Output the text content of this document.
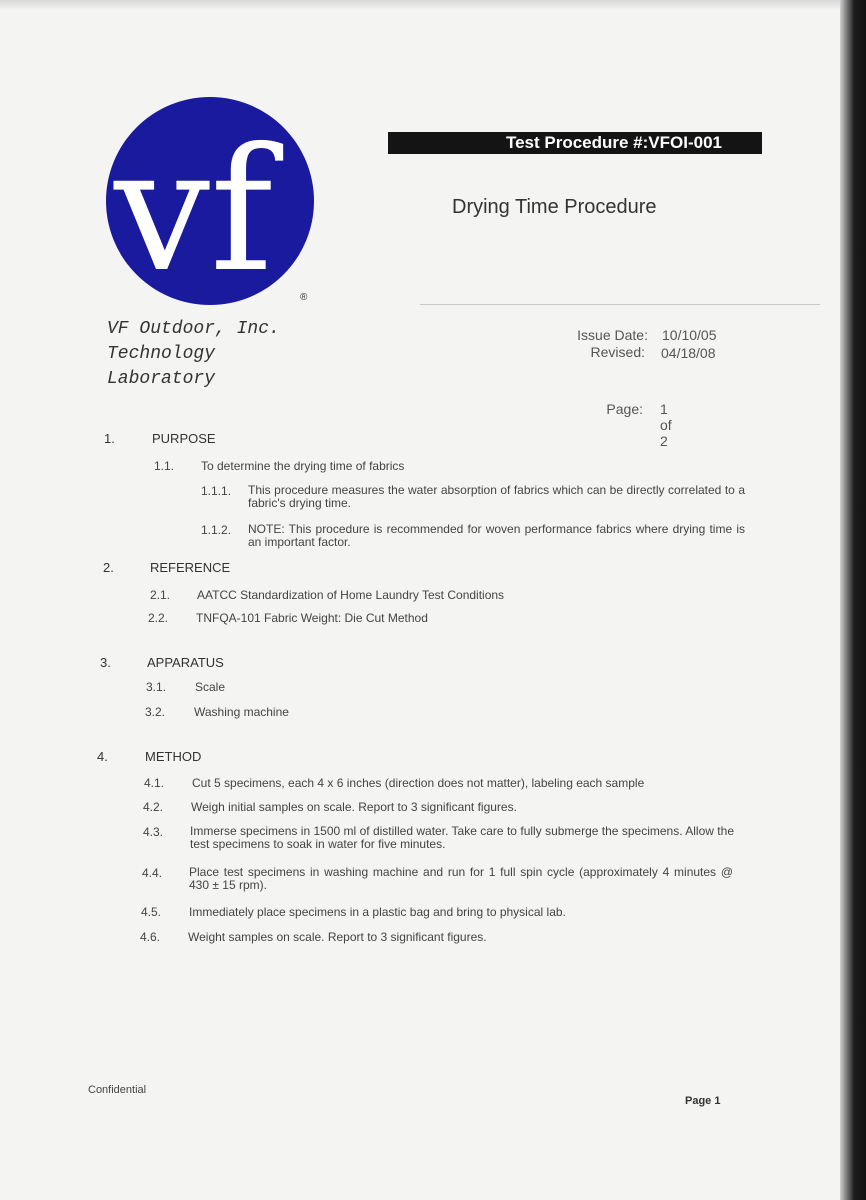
vf	®
VF Outdoor, Inc.
Technology
Laboratory
Test Procedure #:VFOI-001
Drying Time Procedure
Issue Date: 10/10/05
Revised: 04/18/08
Page: 1 of 2
1.	PURPOSE
1.1. To determine the drying time of fabrics
1.1.1. This procedure measures the water absorption of fabrics which can be directly correlated to a fabric's drying time.
1.1.2. NOTE: This procedure is recommended for woven performance fabrics where drying time is an important factor.
2.	REFERENCE
2.1. AATCC Standardization of Home Laundry Test Conditions
2.2. TNFQA-101 Fabric Weight: Die Cut Method
3.	APPARATUS
3.1. Scale
3.2. Washing machine
4.	METHOD
4.1. Cut 5 specimens, each 4 x 6 inches (direction does not matter), labeling each sample
4.2. Weigh initial samples on scale. Report to 3 significant figures.
4.3. Immerse specimens in 1500 ml of distilled water. Take care to fully submerge the specimens. Allow the test specimens to soak in water for five minutes.
4.4. Place test specimens in washing machine and run for 1 full spin cycle (approximately 4 minutes @ 430 ± 15 rpm).
4.5. Immediately place specimens in a plastic bag and bring to physical lab.
4.6. Weight samples on scale. Report to 3 significant figures.
Confidential
Page 1
